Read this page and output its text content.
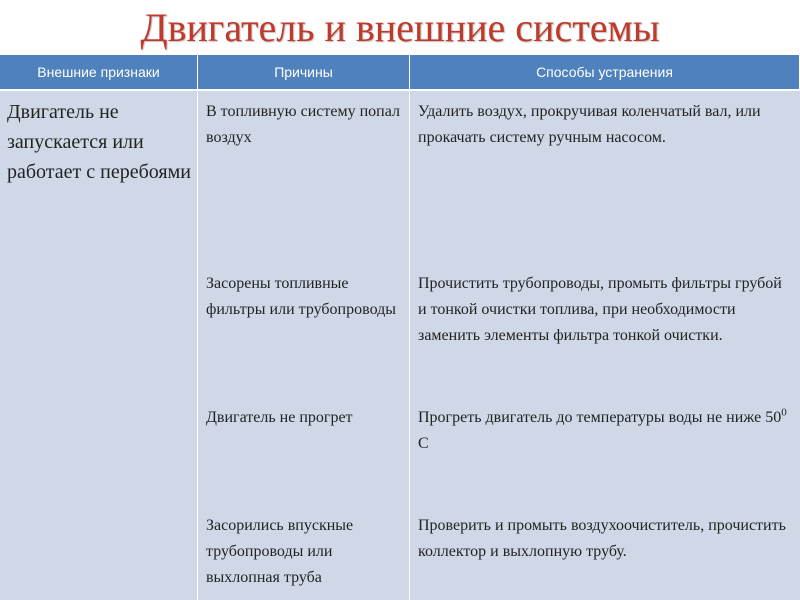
Двигатель и внешние системы
Внешние признаки	Причины	Способы устранения
Двигатель не запускается или работает с перебоями
В топливную систему попал воздух
Засорены топливные фильтры или трубопроводы
Двигатель не прогрет
Засорились впускные трубопроводы или выхлопная труба
Удалить воздух, прокручивая коленчатый вал, или прокачать систему ручным насосом.
Прочистить трубопроводы, промыть фильтры грубой и тонкой очистки топлива, при необходимости заменить элементы фильтра тонкой очистки.
Прогреть двигатель до температуры воды не ниже $50^0$ С
Проверить и промыть воздухоочиститель, прочистить коллектор и выхлопную трубу.
